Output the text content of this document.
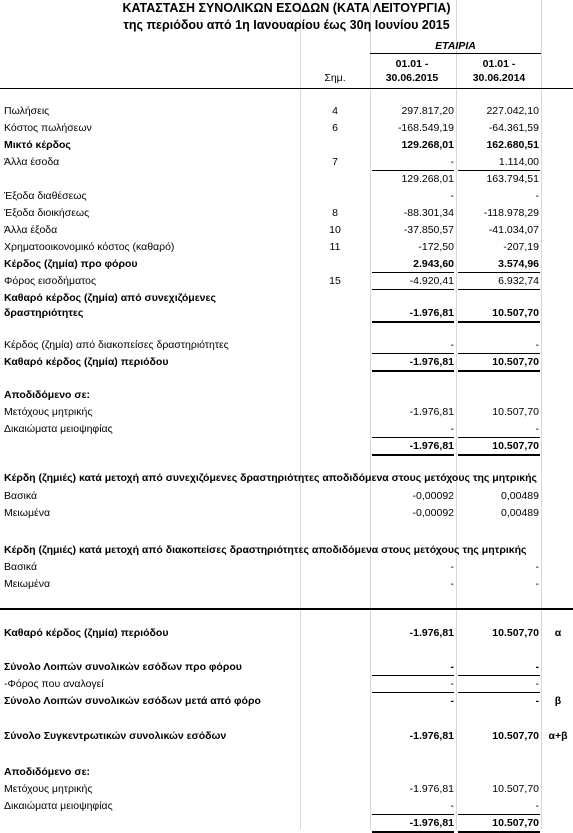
ΚΑΤΑΣΤΑΣΗ ΣΥΝΟΛΙΚΩΝ ΕΣΟΔΩΝ (ΚΑΤΑ ΛΕΙΤΟΥΡΓΙΑ)
της περιόδου από 1η Ιανουαρίου έως 30η Ιουνίου 2015
ΕΤΑΙΡΙΑ
01.01 -
30.06.2015
01.01 -
30.06.2014
Σημ.
Πωλήσεις	4	297.817,20	227.042,10
Κόστος πωλήσεων	6	-168.549,19	-64.361,59
Μικτό κέρδος	129.268,01	162.680,51
Άλλα έσοδα	7	-	1.114,00
129.268,01	163.794,51
Έξοδα διαθέσεως	-	-
Έξοδα διοικήσεως	8	-88.301,34	-118.978,29
Άλλα έξοδα	10	-37.850,57	-41.034,07
Χρηματοοικονομικό κόστος (καθαρό)	11	-172,50	-207,19
Κέρδος (ζημία) προ φόρου	2.943,60	3.574,96
Φόρος εισοδήματος	15	-4.920,41	6.932,74
Καθαρό κέρδος (ζημία) από συνεχιζόμενες
δραστηριότητες	-1.976,81	10.507,70
Κέρδος (ζημία) από διακοπείσες δραστηριότητες	-	-
Καθαρό κέρδος (ζημία) περιόδου	-1.976,81	10.507,70
Αποδιδόμενο σε:
Μετόχους μητρικής	-1.976,81	10.507,70
Δικαιώματα μειοψηφίας	-	-
-1.976,81	10.507,70
Κέρδη (ζημιές) κατά μετοχή από συνεχιζόμενες δραστηριότητες αποδιδόμενα στους μετόχους της μητρικής
Βασικά	-0,00092	0,00489
Μειωμένα	-0,00092	0,00489
Κέρδη (ζημιές) κατά μετοχή από διακοπείσες δραστηριότητες αποδιδόμενα στους μετόχους της μητρικής
Βασικά	-	-
Μειωμένα	-	-
Καθαρό κέρδος (ζημία) περιόδου	-1.976,81	10.507,70	α
Σύνολο Λοιπών συνολικών εσόδων προ φόρου	-	-
-Φόρος που αναλογεί	-	-
Σύνολο Λοιπών συνολικών εσόδων μετά από φόρο	-	-	β
Σύνολο Συγκεντρωτικών συνολικών εσόδων	-1.976,81	10.507,70 α+β
Αποδιδόμενο σε:
Μετόχους μητρικής	-1.976,81	10.507,70
Δικαιώματα μειοψηφίας	-	-
-1.976,81	10.507,70
